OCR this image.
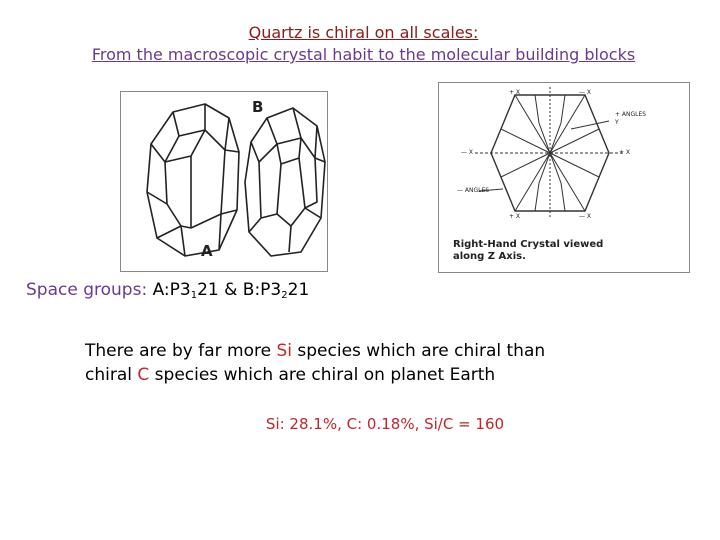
Quartz is chiral on all scales:
From the macroscopic crystal habit to the molecular building blocks
B
A
+ X	— X
+ ANGLES
Y
— X	+ X
— ANGLES
+ X	— X
Right-Hand Crystal viewed
along Z Axis.
Space groups: $A:P3_121$ & $B:P3_221$
There are by far more Si species which are chiral than
chiral C species which are chiral on planet Earth
Si: 28.1%, C: 0.18%, Si/C = 160
